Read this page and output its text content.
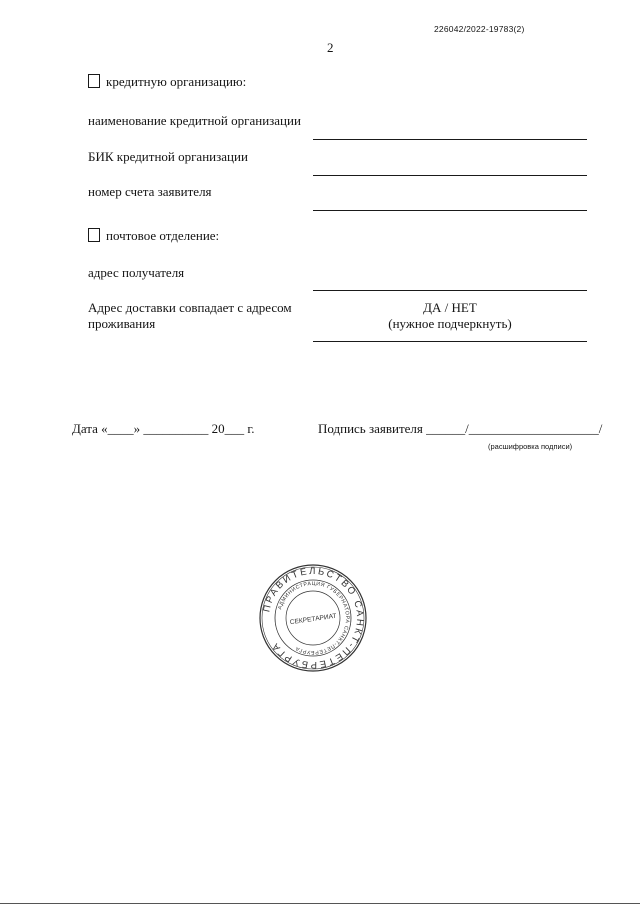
226042/2022-19783(2)
2
кредитную организацию:
наименование кредитной организации
БИК кредитной организации
номер счета заявителя
почтовое отделение:
адрес получателя
Адрес доставки совпадает с адресом
проживания
ДА / НЕТ
(нужное подчеркнуть)
Дата «____» __________ 20___ г.	Подпись заявителя ______/____________________/
(расшифровка подписи)
ПРАВИТЕЛЬСТВО САНКТ-ПЕТЕРБУРГА
АДМИНИСТРАЦИЯ ГУБЕРНАТОРА САНКТ-ПЕТЕРБУРГА
СЕКРЕТАРИАТ
